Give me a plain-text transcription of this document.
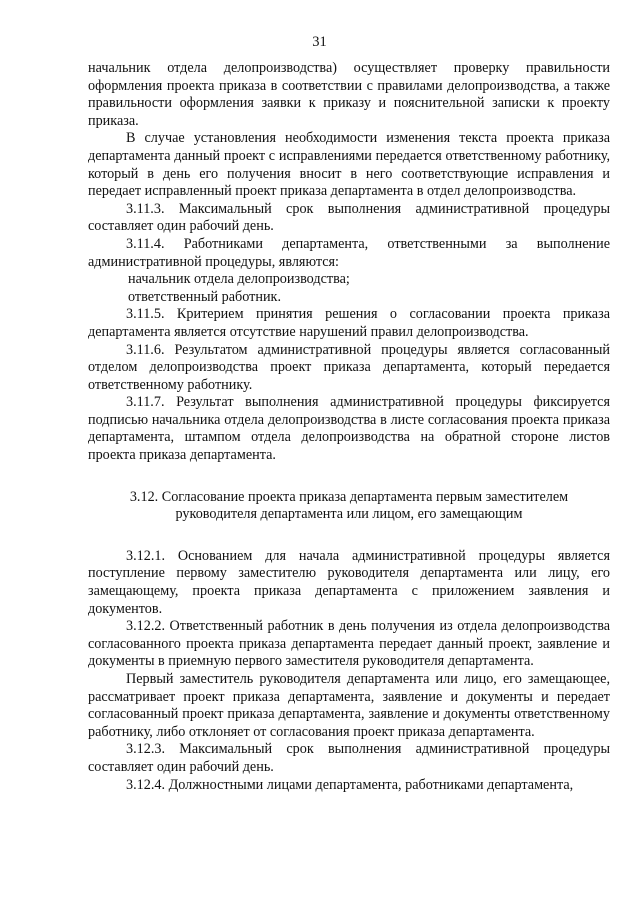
31

начальник отдела делопроизводства) осуществляет проверку правильности оформления проекта приказа в соответствии с правилами делопроизводства, а также правильности оформления заявки к приказу и пояснительной записки к проекту приказа.

В случае установления необходимости изменения текста проекта приказа департамента данный проект с исправлениями передается ответственному работнику, который в день его получения вносит в него соответствующие исправления и передает исправленный проект приказа департамента в отдел делопроизводства.

3.11.3. Максимальный срок выполнения административной процедуры составляет один рабочий день.

3.11.4. Работниками департамента, ответственными за выполнение административной процедуры, являются:

начальник отдела делопроизводства;

ответственный работник.

3.11.5. Критерием принятия решения о согласовании проекта приказа департамента является отсутствие нарушений правил делопроизводства.

3.11.6. Результатом административной процедуры является согласованный отделом делопроизводства проект приказа департамента, который передается ответственному работнику.

3.11.7. Результат выполнения административной процедуры фиксируется подписью начальника отдела делопроизводства в листе согласования проекта приказа департамента, штампом отдела делопроизводства на обратной стороне листов проекта приказа департамента.

3.12. Согласование проекта приказа департамента первым заместителем руководителя департамента или лицом, его замещающим

3.12.1. Основанием для начала административной процедуры является поступление первому заместителю руководителя департамента или лицу, его замещающему, проекта приказа департамента с приложением заявления и документов.

3.12.2. Ответственный работник в день получения из отдела делопроизводства согласованного проекта приказа департамента передает данный проект, заявление и документы в приемную первого заместителя руководителя департамента.

Первый заместитель руководителя департамента или лицо, его замещающее, рассматривает проект приказа департамента, заявление и документы и передает согласованный проект приказа департамента, заявление и документы ответственному работнику, либо отклоняет от согласования проект приказа департамента.

3.12.3. Максимальный срок выполнения административной процедуры составляет один рабочий день.

3.12.4. Должностными лицами департамента, работниками департамента,
